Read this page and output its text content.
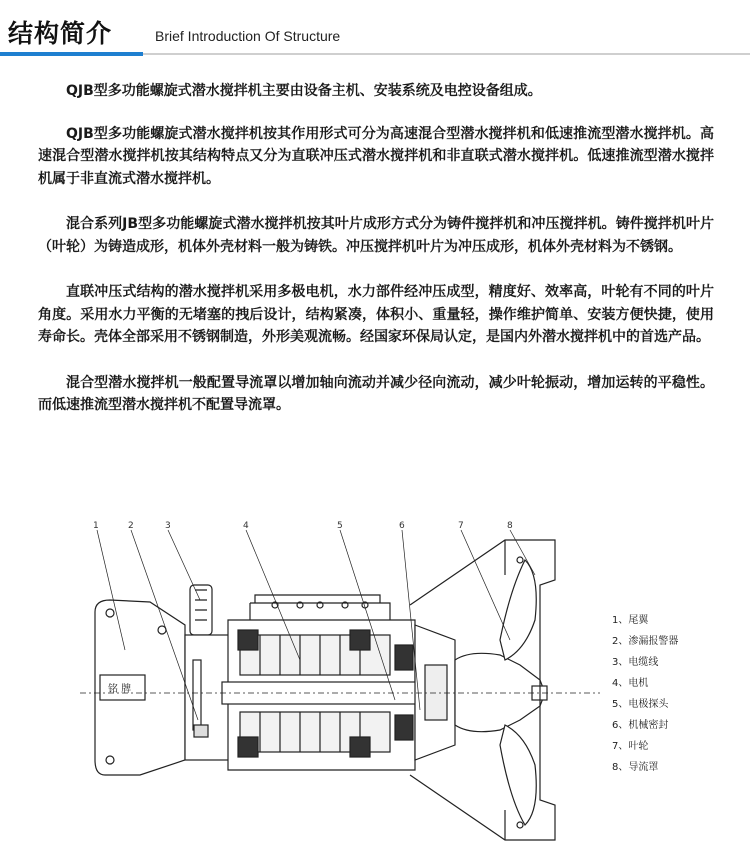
结构简介	Brief Introduction Of Structure

QJB型多功能螺旋式潜水搅拌机主要由设备主机、安装系统及电控设备组成。

QJB型多功能螺旋式潜水搅拌机按其作用形式可分为高速混合型潜水搅拌机和低速推流型潜水搅拌机。高速混合型潜水搅拌机按其结构特点又分为直联冲压式潜水搅拌机和非直联式潜水搅拌机。低速推流型潜水搅拌机属于非直流式潜水搅拌机。

混合系列JB型多功能螺旋式潜水搅拌机按其叶片成形方式分为铸件搅拌机和冲压搅拌机。铸件搅拌机叶片（叶轮）为铸造成形，机体外壳材料一般为铸铁。冲压搅拌机叶片为冲压成形，机体外壳材料为不锈钢。

直联冲压式结构的潜水搅拌机采用多极电机，水力部件经冲压成型，精度好、效率高，叶轮有不同的叶片角度。采用水力平衡的无堵塞的拽后设计，结构紧凑，体积小、重量轻，操作维护简单、安装方便快捷，使用寿命长。壳体全部采用不锈钢制造，外形美观流畅。经国家环保局认定，是国内外潜水搅拌机中的首选产品。

混合型潜水搅拌机一般配置导流罩以增加轴向流动并减少径向流动，减少叶轮振动，增加运转的平稳性。而低速推流型潜水搅拌机不配置导流罩。

铭 牌
1	2	3	4	5	6	7	8
1、尾翼
2、渗漏报警器
3、电缆线
4、电机
5、电极探头
6、机械密封
7、叶轮
8、导流罩
